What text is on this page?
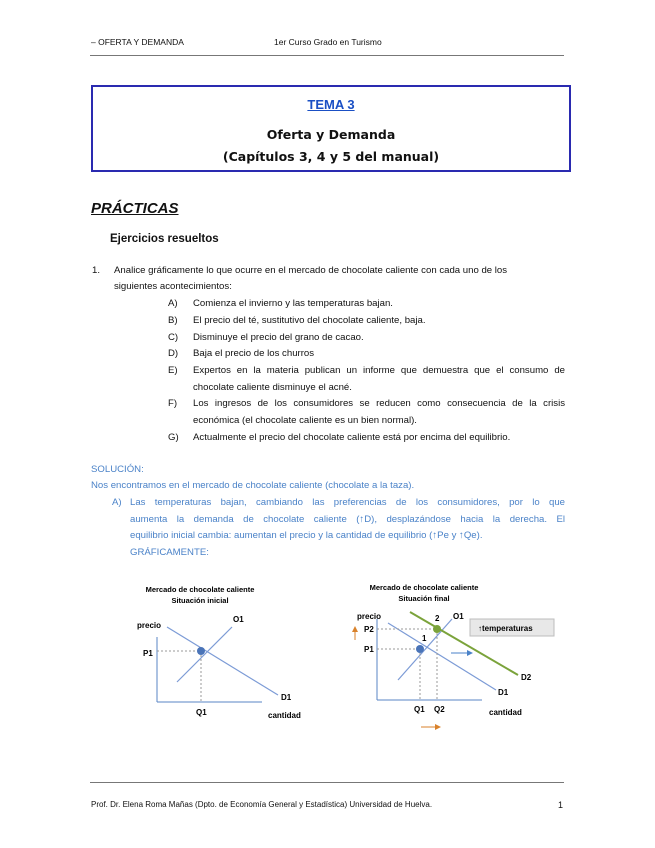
– OFERTA Y DEMANDA	1er Curso Grado en Turismo
TEMA 3
Oferta y Demanda
(Capítulos 3, 4 y 5 del manual)
PRÁCTICAS
Ejercicios resueltos
1. Analice gráficamente lo que ocurre en el mercado de chocolate caliente con cada uno de los
siguientes acontecimientos:
A) Comienza el invierno y las temperaturas bajan.
B) El precio del té, sustitutivo del chocolate caliente, baja.
C) Disminuye el precio del grano de cacao.
D) Baja el precio de los churros
E) Expertos en la materia publican un informe que demuestra que el consumo de chocolate caliente disminuye el acné.
F) Los ingresos de los consumidores se reducen como consecuencia de la crisis económica (el chocolate caliente es un bien normal).
G) Actualmente el precio del chocolate caliente está por encima del equilibrio.
SOLUCIÓN:
Nos encontramos en el mercado de chocolate caliente (chocolate a la taza).
A) Las temperaturas bajan, cambiando las preferencias de los consumidores, por lo que
aumenta la demanda de chocolate caliente (↑D), desplazándose hacia la derecha. El
equilibrio inicial cambia: aumentan el precio y la cantidad de equilibrio (↑Pe y ↑Qe).
GRÁFICAMENTE:
Mercado de chocolate caliente
Situación inicial
precio
cantidad
P1
Q1
O1
D1
Mercado de chocolate caliente
Situación final
precio
cantidad
1
2
P2
P1
Q1 Q2
O1
D1
D2
↑temperaturas
Prof. Dr. Elena Roma Mañas (Dpto. de Economía General y Estadística) Universidad de Huelva.	1
